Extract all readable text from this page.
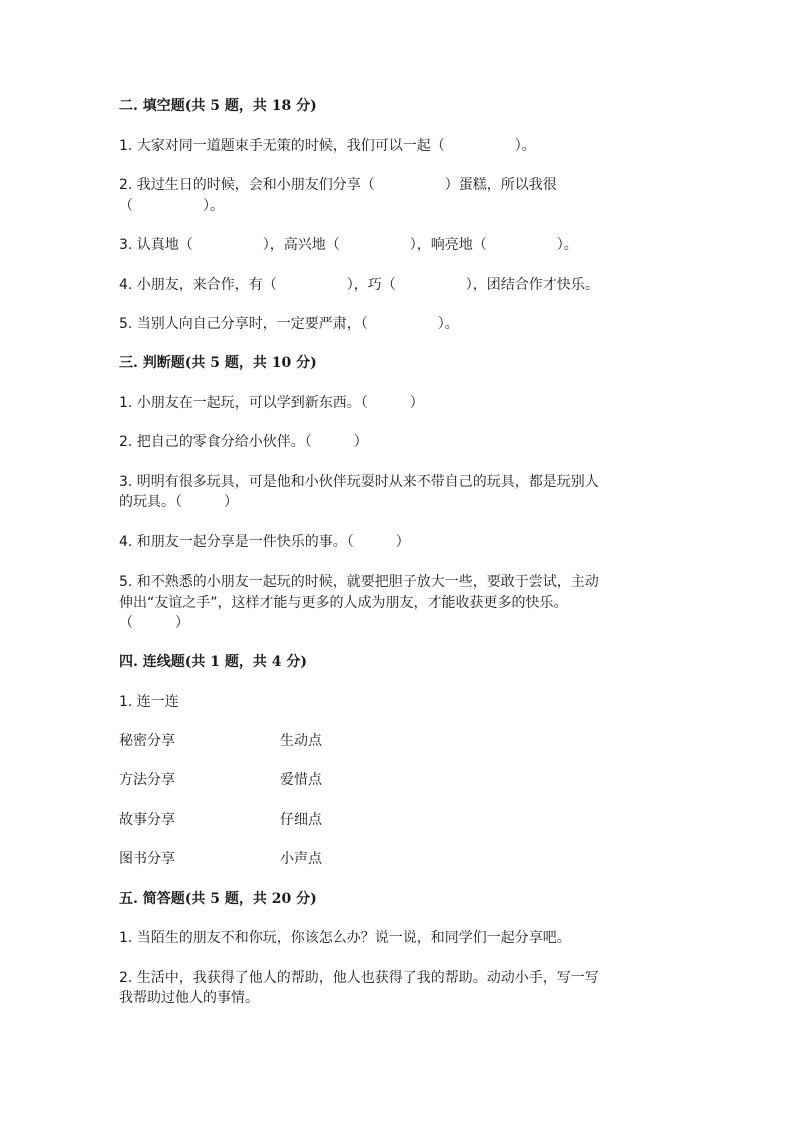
二. 填空题(共 5 题，共 18 分)
1. 大家对同一道题束手无策的时候，我们可以一起（　　　　　）。
2. 我过生日的时候，会和小朋友们分享（　　　　　）蛋糕，所以我很
（　　　　　）。
3. 认真地（　　　　　），高兴地（　　　　　），响亮地（　　　　　）。
4. 小朋友，来合作，有（　　　　　），巧（　　　　　），团结合作才快乐。
5. 当别人向自己分享时，一定要严肃，（　　　　　）。
三. 判断题(共 5 题，共 10 分)
1. 小朋友在一起玩，可以学到新东西。（　　　）
2. 把自己的零食分给小伙伴。（　　　）
3. 明明有很多玩具，可是他和小伙伴玩耍时从来不带自己的玩具，都是玩别人
的玩具。（　　　）
4. 和朋友一起分享是一件快乐的事。（　　　）
5. 和不熟悉的小朋友一起玩的时候，就要把胆子放大一些，要敢于尝试，主动
伸出“友谊之手”，这样才能与更多的人成为朋友，才能收获更多的快乐。
（　　　）
四. 连线题(共 1 题，共 4 分)
1. 连一连
秘密分享	生动点
方法分享	爱惜点
故事分享	仔细点
图书分享	小声点
五. 简答题(共 5 题，共 20 分)
1. 当陌生的朋友不和你玩，你该怎么办？说一说，和同学们一起分享吧。
2. 生活中，我获得了他人的帮助，他人也获得了我的帮助。动动小手，写一写
我帮助过他人的事情。
